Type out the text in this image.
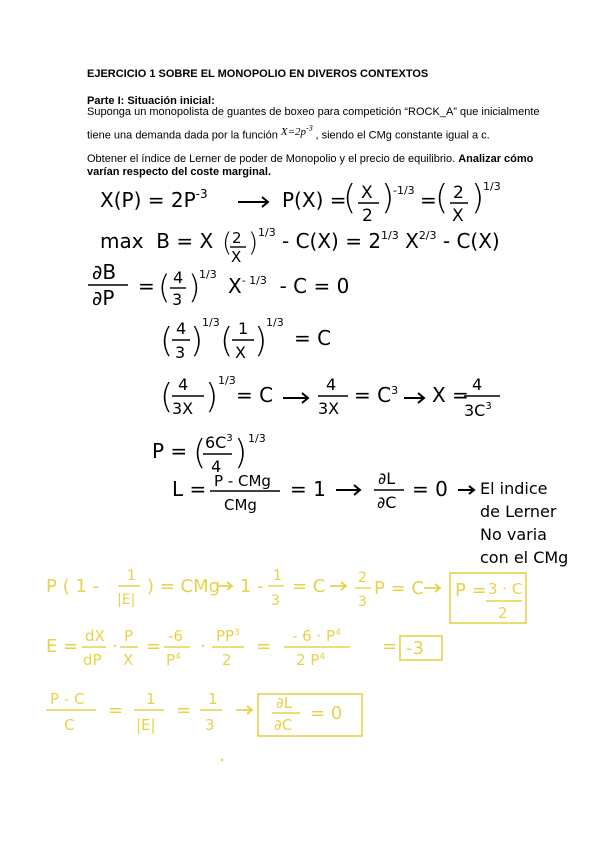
EJERCICIO 1 SOBRE EL MONOPOLIO EN DIVEROS CONTEXTOS
Parte I: Situación inicial:
Suponga un monopolista de guantes de boxeo para competición “ROCK_A” que inicialmente
tiene una demanda dada por la función $X=2p^{-3}$ , siendo el CMg constante igual a c.
Obtener el índice de Lerner de poder de Monopolio y el precio de equilibrio. Analizar cómo varían respecto del coste marginal.
$X(P) = 2P^{-3}$	P(X) =
( X
2 )
-1/3 =
( 2
X )
1/3
max  B = X ( 2
X ) $1/3 - C(X) = 2^{1/3}$ $X^{2/3} - C(X)$
∂B
∂P = ( 4
3 )
1/3 $X^{- 1/3} - C = 0$
( 4
3 )
1/3 ( 1
X )
1/3
= C
( 4
3X ) 1/3
= C	4
3X
= $C^3$ X = 4
$3C^3$
P = (
$6C^3$
4 ) 1/3
L = P - CMg
CMg
= 1	∂L
∂C
= 0 El indice
de Lerner
No varia
con el CMg
P ( 1 - 1
|E|
) = CMg 1 - 1
3
= C 2
3
P = C P = 3 · C
2
E = dX
dP
· P
X
= -6
$P^4 \cdot PP^3$
2
= - $6 \cdot P^4$
2 $P^4$	= -3
P - C
C
=
1
|E|
=
1
3
∂L
∂C
= 0
